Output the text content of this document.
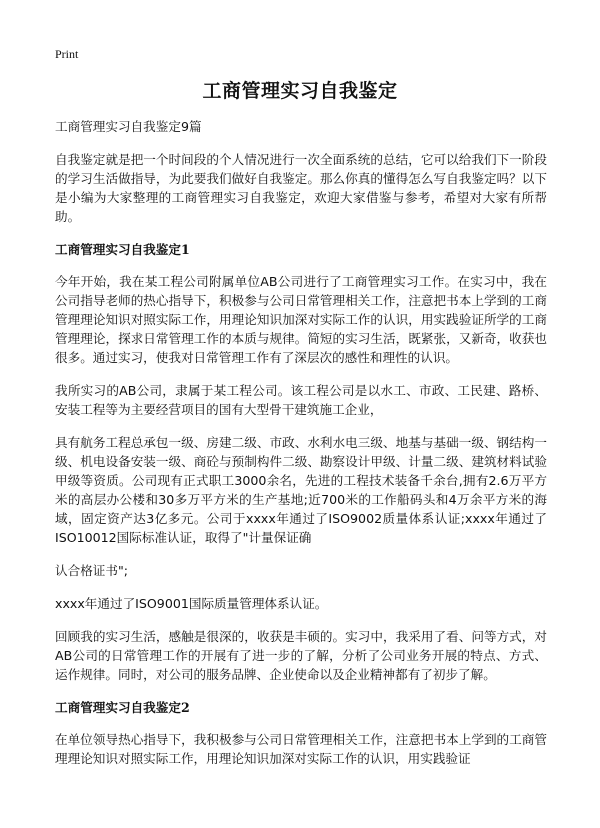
Print
工商管理实习自我鉴定

工商管理实习自我鉴定9篇

自我鉴定就是把一个时间段的个人情况进行一次全面系统的总结，它可以给我们下一阶段的学习生活做指导，为此要我们做好自我鉴定。那么你真的懂得怎么写自我鉴定吗？以下是小编为大家整理的工商管理实习自我鉴定，欢迎大家借鉴与参考，希望对大家有所帮助。

工商管理实习自我鉴定1

今年开始，我在某工程公司附属单位AB公司进行了工商管理实习工作。在实习中，我在公司指导老师的热心指导下，积极参与公司日常管理相关工作，注意把书本上学到的工商管理理论知识对照实际工作，用理论知识加深对实际工作的认识，用实践验证所学的工商管理理论，探求日常管理工作的本质与规律。简短的实习生活，既紧张，又新奇，收获也很多。通过实习，使我对日常管理工作有了深层次的感性和理性的认识。

我所实习的AB公司，隶属于某工程公司。该工程公司是以水工、市政、工民建、路桥、安装工程等为主要经营项目的国有大型骨干建筑施工企业，

具有航务工程总承包一级、房建二级、市政、水利水电三级、地基与基础一级、钢结构一级、机电设备安装一级、商砼与预制构件二级、勘察设计甲级、计量二级、建筑材料试验甲级等资质。公司现有正式职工3000余名，先进的工程技术装备千余台,拥有2.6万平方米的高层办公楼和30多万平方米的生产基地;近700米的工作船码头和4万余平方米的海域，固定资产达3亿多元。公司于xxxx年通过了ISO9002质量体系认证;xxxx年通过了ISO10012国际标准认证，取得了"计量保证确

认合格证书";

xxxx年通过了ISO9001国际质量管理体系认证。

回顾我的实习生活，感触是很深的，收获是丰硕的。实习中，我采用了看、问等方式，对AB公司的日常管理工作的开展有了进一步的了解，分析了公司业务开展的特点、方式、运作规律。同时，对公司的服务品牌、企业使命以及企业精神都有了初步了解。

工商管理实习自我鉴定2

在单位领导热心指导下，我积极参与公司日常管理相关工作，注意把书本上学到的工商管理理论知识对照实际工作，用理论知识加深对实际工作的认识，用实践验证
